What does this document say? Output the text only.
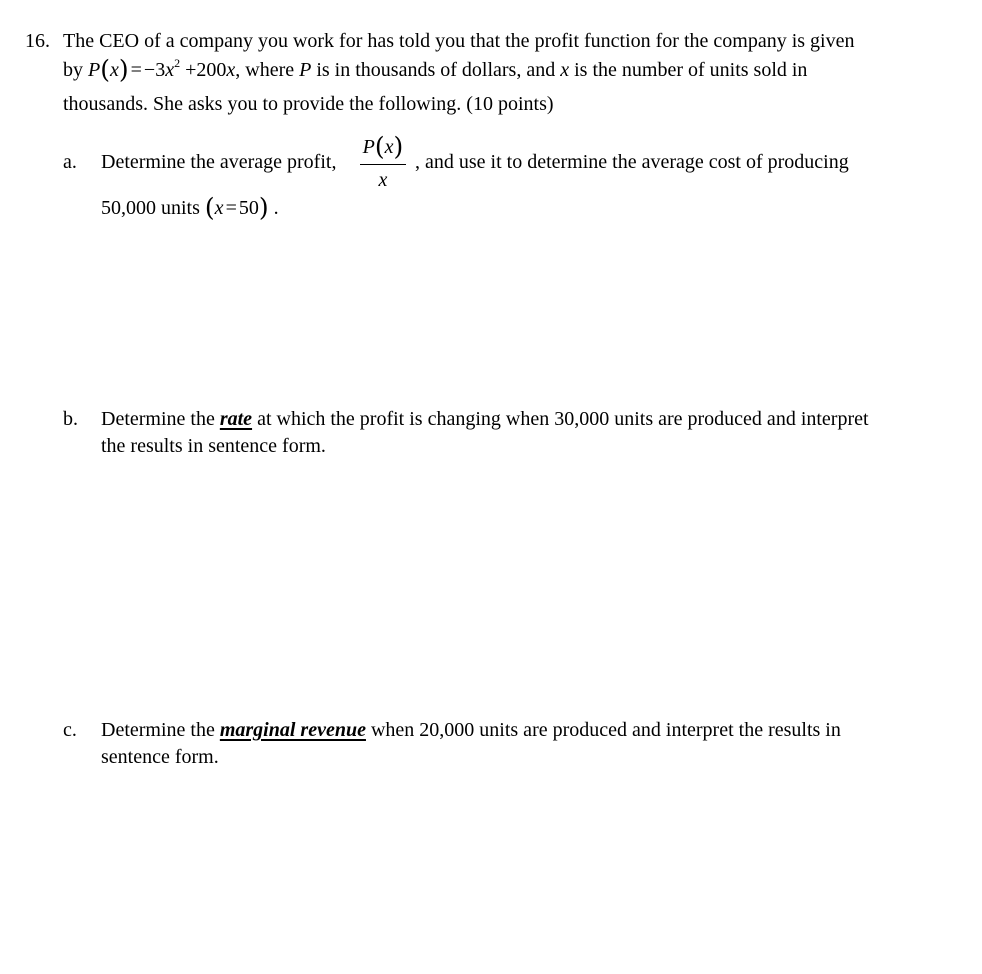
16. The CEO of a company you work for has told you that the profit function for the company is given
by $P(x) = -3x^2 +200x$, where P is in thousands of dollars, and x is the number of units sold in
thousands. She asks you to provide the following. (10 points)
a. Determine the average profit,
P(x)
x
, and use it to determine the average cost of producing
50,000 units (x = 50) .
b. Determine the rate at which the profit is changing when 30,000 units are produced and interpret
the results in sentence form.
c. Determine the marginal revenue when 20,000 units are produced and interpret the results in
sentence form.
